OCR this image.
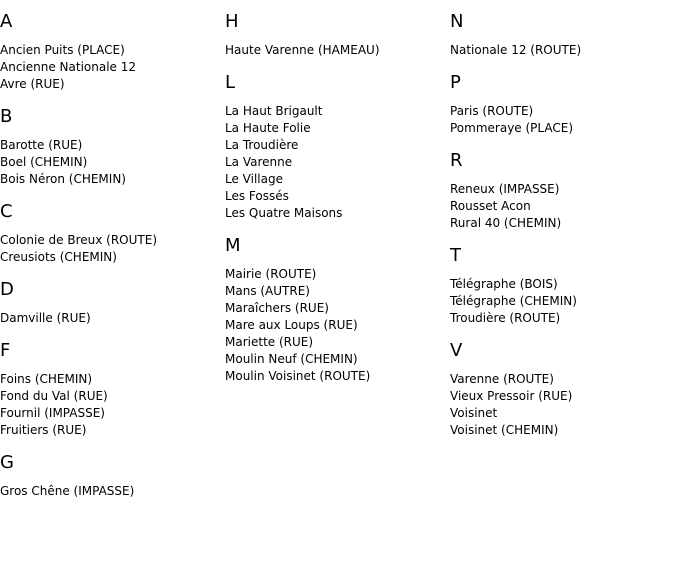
A
Ancien Puits (PLACE)
Ancienne Nationale 12
Avre (RUE)
B
Barotte (RUE)
Boel (CHEMIN)
Bois Néron (CHEMIN)
C
Colonie de Breux (ROUTE)
Creusiots (CHEMIN)
D
Damville (RUE)
F
Foins (CHEMIN)
Fond du Val (RUE)
Fournil (IMPASSE)
Fruitiers (RUE)
G
Gros Chêne (IMPASSE)
H
Haute Varenne (HAMEAU)
L
La Haut Brigault
La Haute Folie
La Troudière
La Varenne
Le Village
Les Fossés
Les Quatre Maisons
M
Mairie (ROUTE)
Mans (AUTRE)
Maraîchers (RUE)
Mare aux Loups (RUE)
Mariette (RUE)
Moulin Neuf (CHEMIN)
Moulin Voisinet (ROUTE)
N
Nationale 12 (ROUTE)
P
Paris (ROUTE)
Pommeraye (PLACE)
R
Reneux (IMPASSE)
Rousset Acon
Rural 40 (CHEMIN)
T
Télégraphe (BOIS)
Télégraphe (CHEMIN)
Troudière (ROUTE)
V
Varenne (ROUTE)
Vieux Pressoir (RUE)
Voisinet
Voisinet (CHEMIN)
